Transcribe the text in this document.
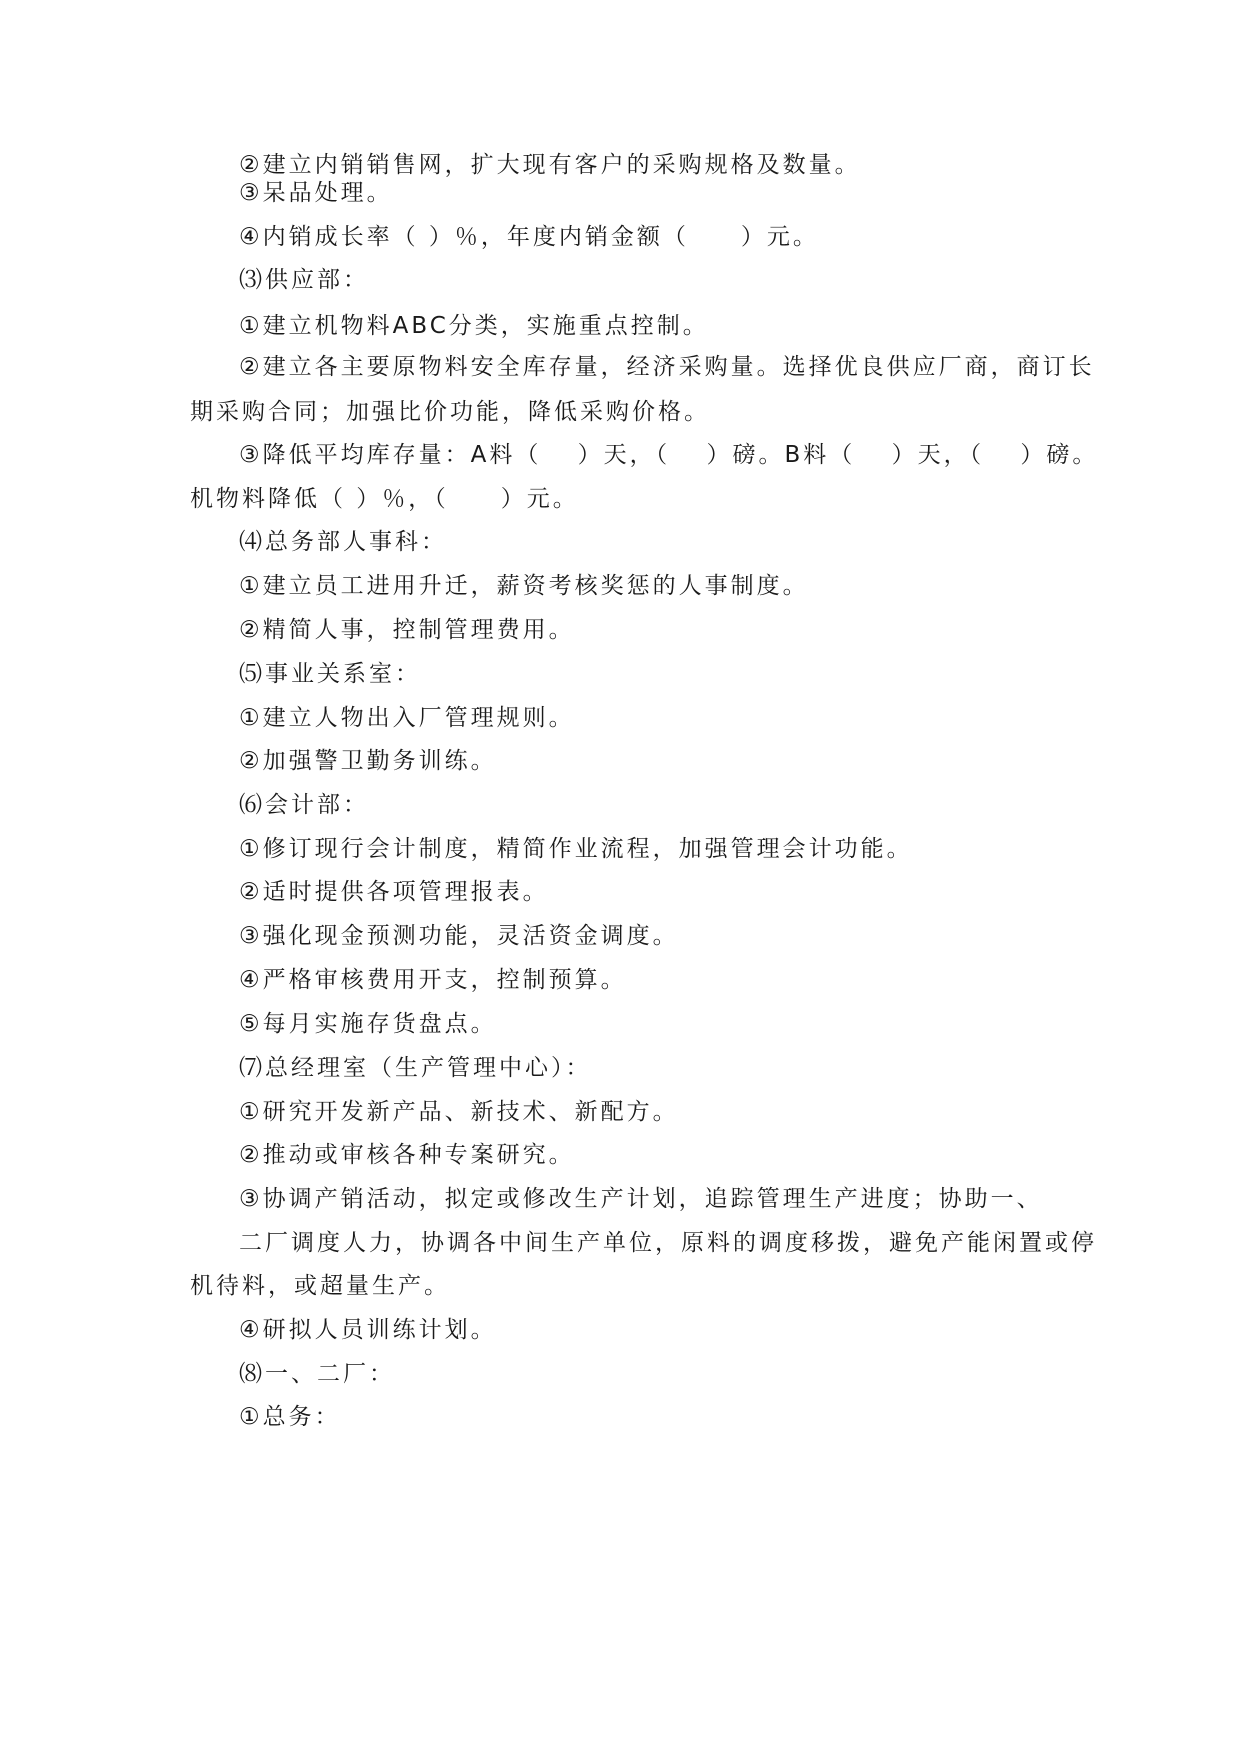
②建立内销销售网，扩大现有客户的采购规格及数量。
③呆品处理。
④内销成长率（ ）％，年度内销金额（　　）元。
⑶供应部：
①建立机物料ABC分类，实施重点控制。
②建立各主要原物料安全库存量，经济采购量。选择优良供应厂商，商订长
期采购合同；加强比价功能，降低采购价格。
③降低平均库存量：A料（　 ）天，（　 ）磅。B料（　 ）天，（　 ）磅。
机物料降低（ ）％，（　　）元。
⑷总务部人事科：
①建立员工进用升迁，薪资考核奖惩的人事制度。
②精简人事，控制管理费用。
⑸事业关系室：
①建立人物出入厂管理规则。
②加强警卫勤务训练。
⑹会计部：
①修订现行会计制度，精简作业流程，加强管理会计功能。
②适时提供各项管理报表。
③强化现金预测功能，灵活资金调度。
④严格审核费用开支，控制预算。
⑤每月实施存货盘点。
⑺总经理室（生产管理中心）：
①研究开发新产品、新技术、新配方。
②推动或审核各种专案研究。
③协调产销活动，拟定或修改生产计划，追踪管理生产进度；协助一、
二厂调度人力，协调各中间生产单位，原料的调度移拨，避免产能闲置或停
机待料，或超量生产。
④研拟人员训练计划。
⑻一、二厂：
①总务：
